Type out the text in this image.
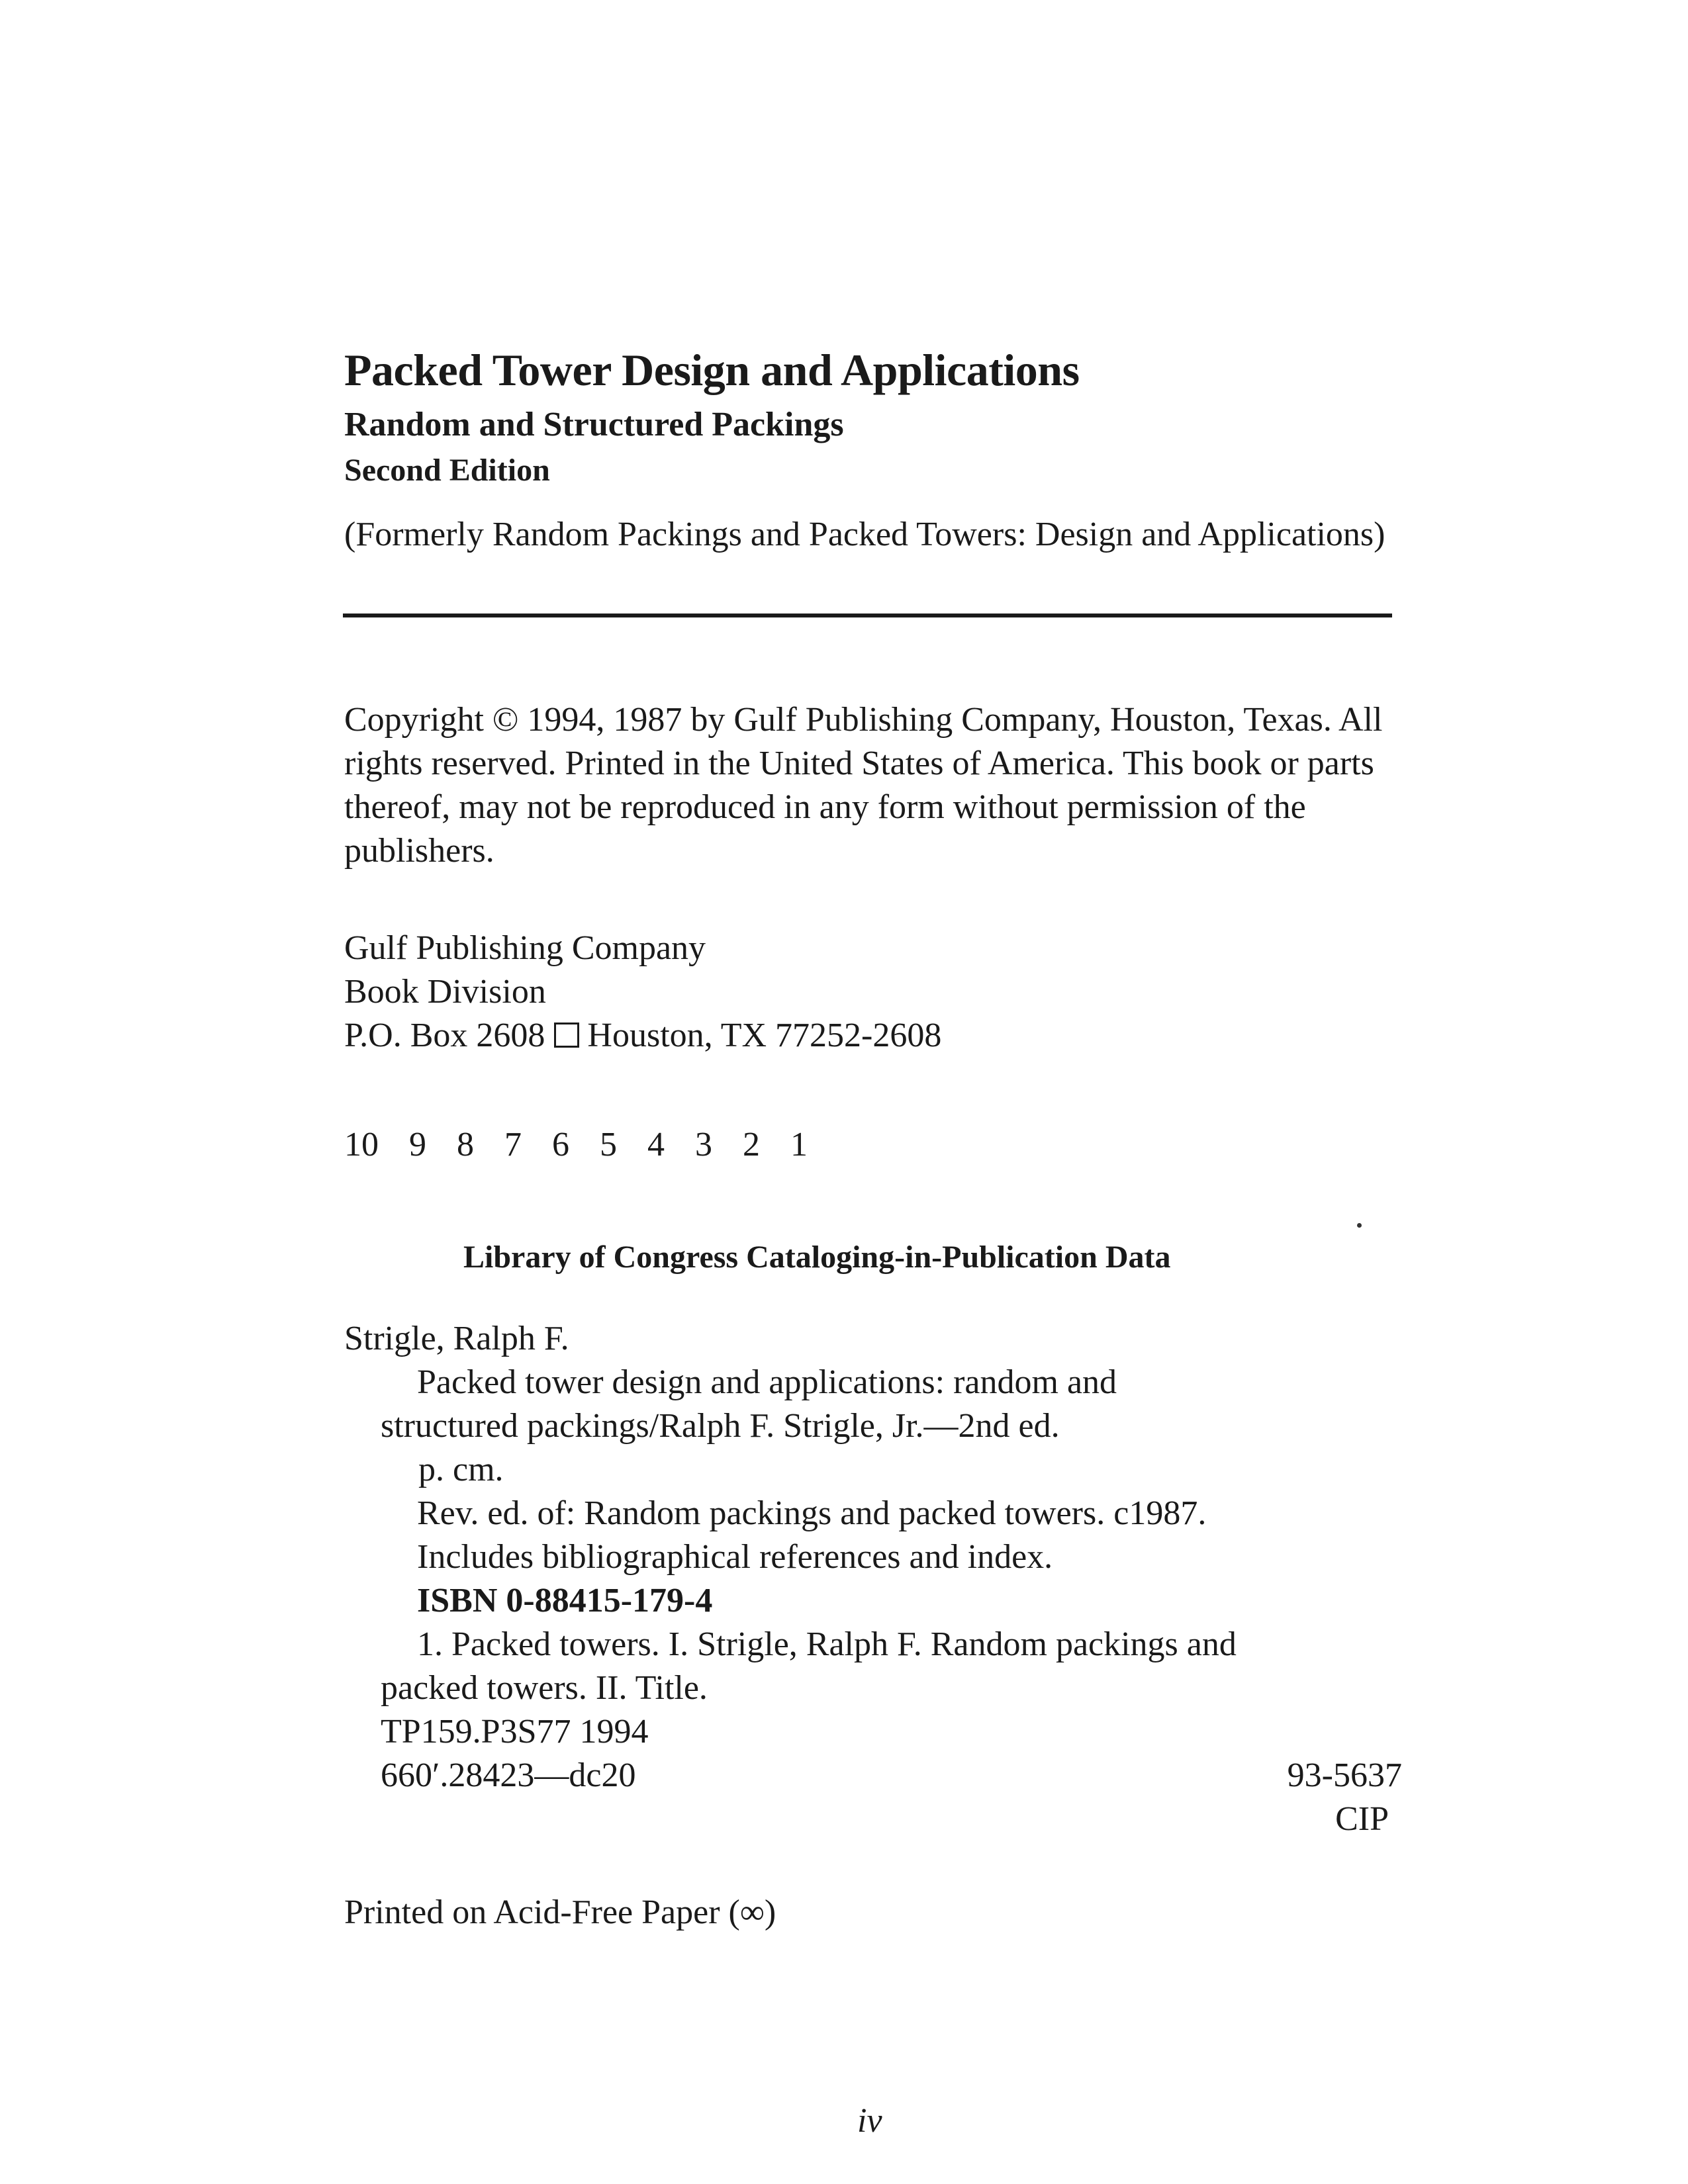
Packed Tower Design and Applications
Random and Structured Packings
Second Edition
(Formerly Random Packings and Packed Towers: Design and Applications)
Copyright © 1994, 1987 by Gulf Publishing Company, Houston, Texas. All rights reserved. Printed in the United States of America. This book or parts thereof, may not be reproduced in any form without permission of the publishers.
Gulf Publishing Company
Book Division
P.O. Box 2608 Houston, TX 77252-2608
10 9 8 7 6 5 4 3 2 1
Library of Congress Cataloging-in-Publication Data
Strigle, Ralph F.
Packed tower design and applications: random and
structured packings/Ralph F. Strigle, Jr.—2nd ed.
p. cm.
Rev. ed. of: Random packings and packed towers. c1987.
Includes bibliographical references and index.
ISBN 0-88415-179-4
1. Packed towers. I. Strigle, Ralph F. Random packings and
packed towers. II. Title.
TP159.P3S77 1994
660′.28423—dc20	93-5637
CIP
Printed on Acid-Free Paper (∞)
iv
